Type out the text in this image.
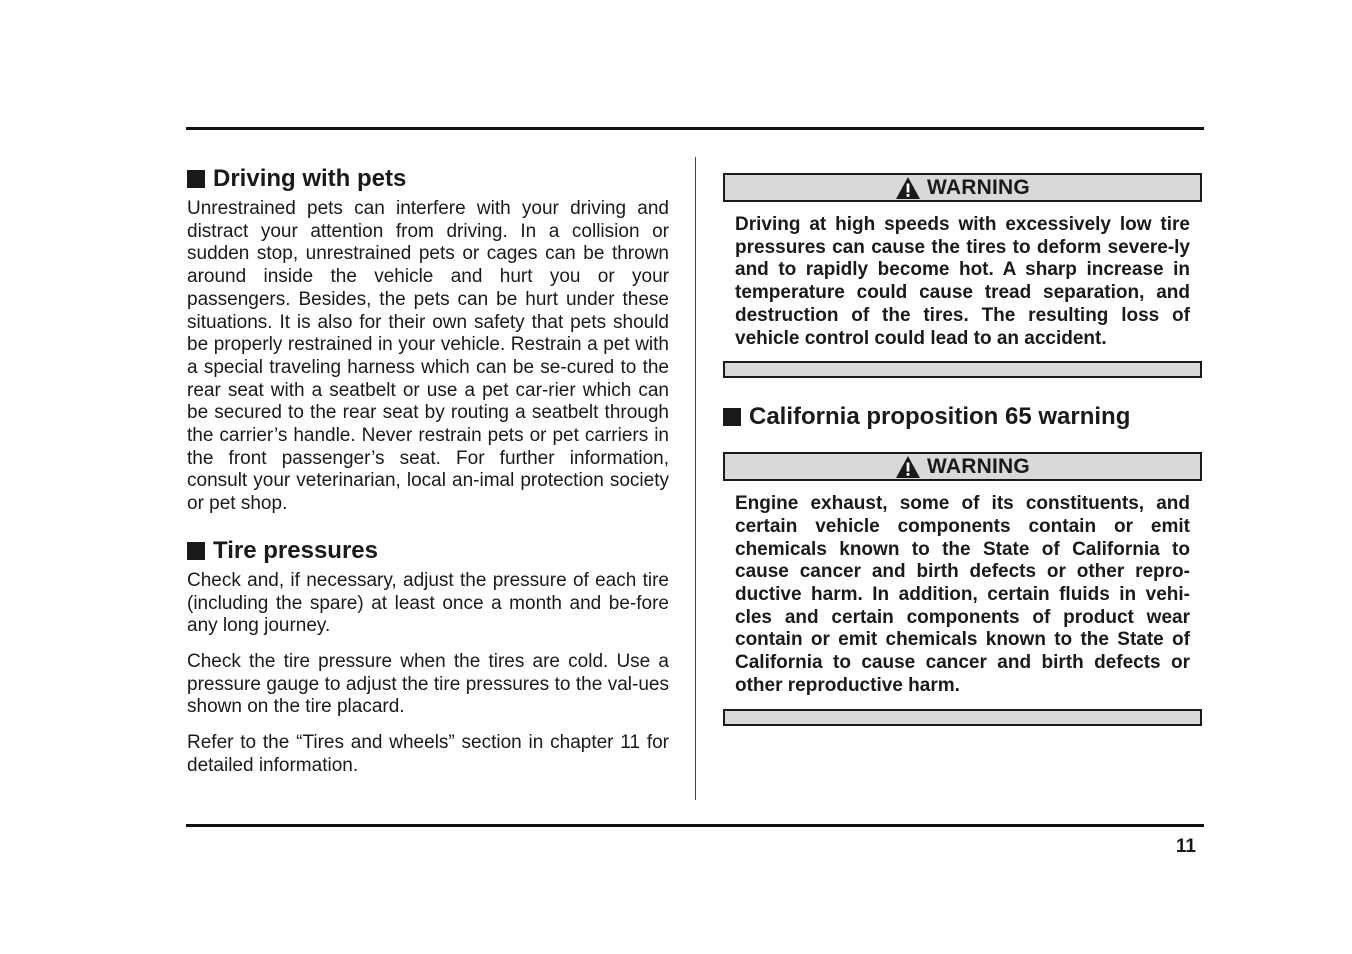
Driving with pets

Unrestrained pets can interfere with your driving and distract your attention from driving. In a collision or sudden stop, unrestrained pets or cages can be thrown around inside the vehicle and hurt you or your passengers. Besides, the pets can be hurt under these situations. It is also for their own safety that pets should be properly restrained in your vehicle. Restrain a pet with a special traveling harness which can be se-cured to the rear seat with a seatbelt or use a pet car-rier which can be secured to the rear seat by routing a seatbelt through the carrier’s handle. Never restrain pets or pet carriers in the front passenger’s seat. For further information, consult your veterinarian, local an-imal protection society or pet shop.

Tire pressures

Check and, if necessary, adjust the pressure of each tire (including the spare) at least once a month and be-fore any long journey.

Check the tire pressure when the tires are cold. Use a pressure gauge to adjust the tire pressures to the val-ues shown on the tire placard.

Refer to the “Tires and wheels” section in chapter 11 for detailed information.

WARNING

Driving at high speeds with excessively low tire pressures can cause the tires to deform severe-ly and to rapidly become hot. A sharp increase in temperature could cause tread separation, and destruction of the tires. The resulting loss of vehicle control could lead to an accident.

California proposition 65 warning
WARNING

Engine exhaust, some of its constituents, and certain vehicle components contain or emit chemicals known to the State of California to cause cancer and birth defects or other repro-ductive harm. In addition, certain fluids in vehi-cles and certain components of product wear contain or emit chemicals known to the State of California to cause cancer and birth defects or other reproductive harm.

11
